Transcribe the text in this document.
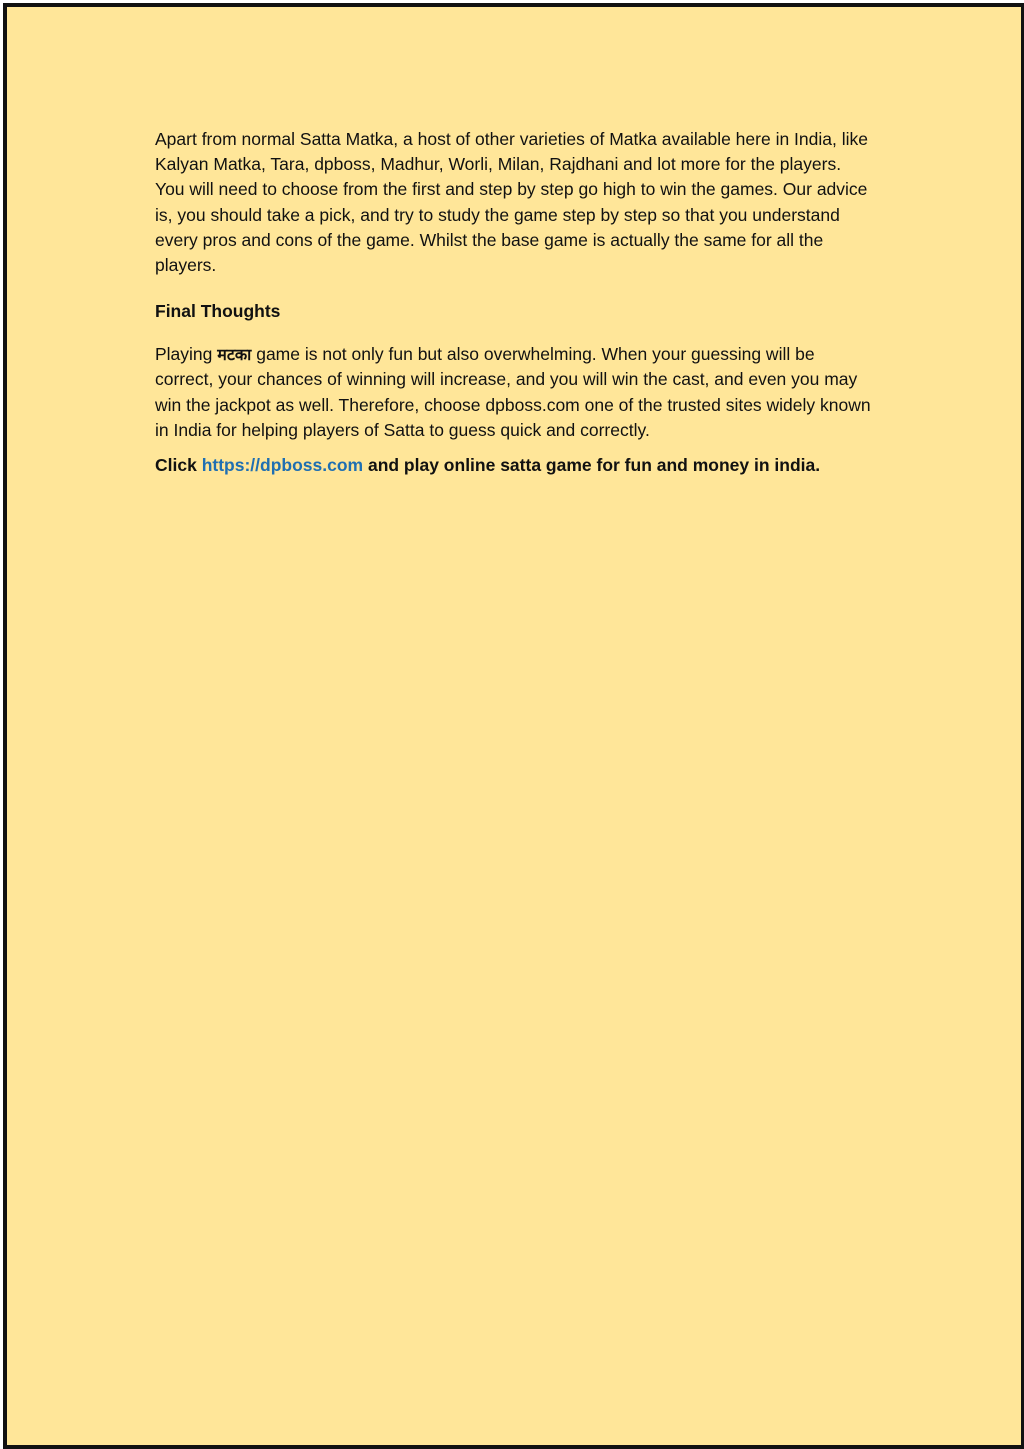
Apart from normal Satta Matka, a host of other varieties of Matka available here in India, like Kalyan Matka, Tara, dpboss, Madhur, Worli, Milan, Rajdhani and lot more for the players. You will need to choose from the first and step by step go high to win the games. Our advice is, you should take a pick, and try to study the game step by step so that you understand every pros and cons of the game. Whilst the base game is actually the same for all the players.

Final Thoughts

Playing मटका game is not only fun but also overwhelming. When your guessing will be correct, your chances of winning will increase, and you will win the cast, and even you may win the jackpot as well. Therefore, choose dpboss.com one of the trusted sites widely known in India for helping players of Satta to guess quick and correctly.

Click https://dpboss.com and play online satta game for fun and money in india.
